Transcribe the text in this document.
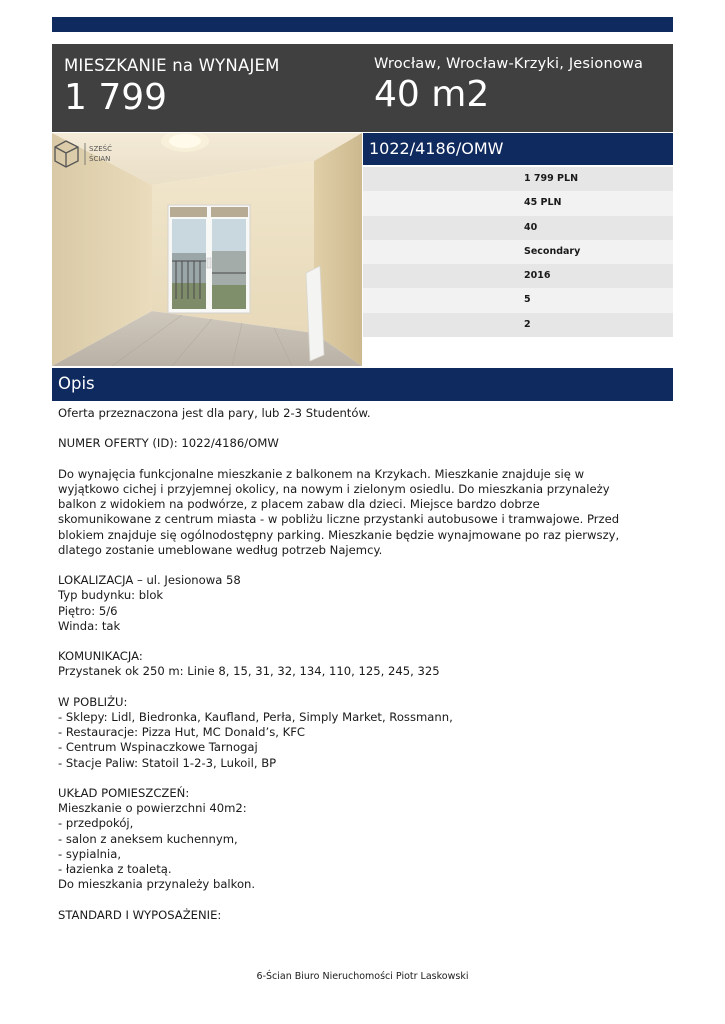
MIESZKANIE na WYNAJEM
1 799
Wrocław, Wrocław-Krzyki, Jesionowa
40 m2
SZEŚĆ
ŚCIAN
1022/4186/OMW
1 799 PLN
45 PLN
40
Secondary
2016
5
2
Opis
Oferta przeznaczona jest dla pary, lub 2-3 Studentów.
NUMER OFERTY (ID): 1022/4186/OMW
Do wynajęcia funkcjonalne mieszkanie z balkonem na Krzykach. Mieszkanie znajduje się w
wyjątkowo cichej i przyjemnej okolicy, na nowym i zielonym osiedlu. Do mieszkania przynależy
balkon z widokiem na podwórze, z placem zabaw dla dzieci. Miejsce bardzo dobrze
skomunikowane z centrum miasta - w pobliżu liczne przystanki autobusowe i tramwajowe. Przed
blokiem znajduje się ogólnodostępny parking. Mieszkanie będzie wynajmowane po raz pierwszy,
dlatego zostanie umeblowane według potrzeb Najemcy.
LOKALIZACJA – ul. Jesionowa 58
Typ budynku: blok
Piętro: 5/6
Winda: tak
KOMUNIKACJA:
Przystanek ok 250 m: Linie 8, 15, 31, 32, 134, 110, 125, 245, 325
W POBLIŻU:
- Sklepy: Lidl, Biedronka, Kaufland, Perła, Simply Market, Rossmann,
- Restauracje: Pizza Hut, MC Donald’s, KFC
- Centrum Wspinaczkowe Tarnogaj
- Stacje Paliw: Statoil 1-2-3, Lukoil, BP
UKŁAD POMIESZCZEŃ:
Mieszkanie o powierzchni 40m2:
- przedpokój,
- salon z aneksem kuchennym,
- sypialnia,
- łazienka z toaletą.
Do mieszkania przynależy balkon.
STANDARD I WYPOSAŻENIE:
6-Ścian Biuro Nieruchomości Piotr Laskowski
